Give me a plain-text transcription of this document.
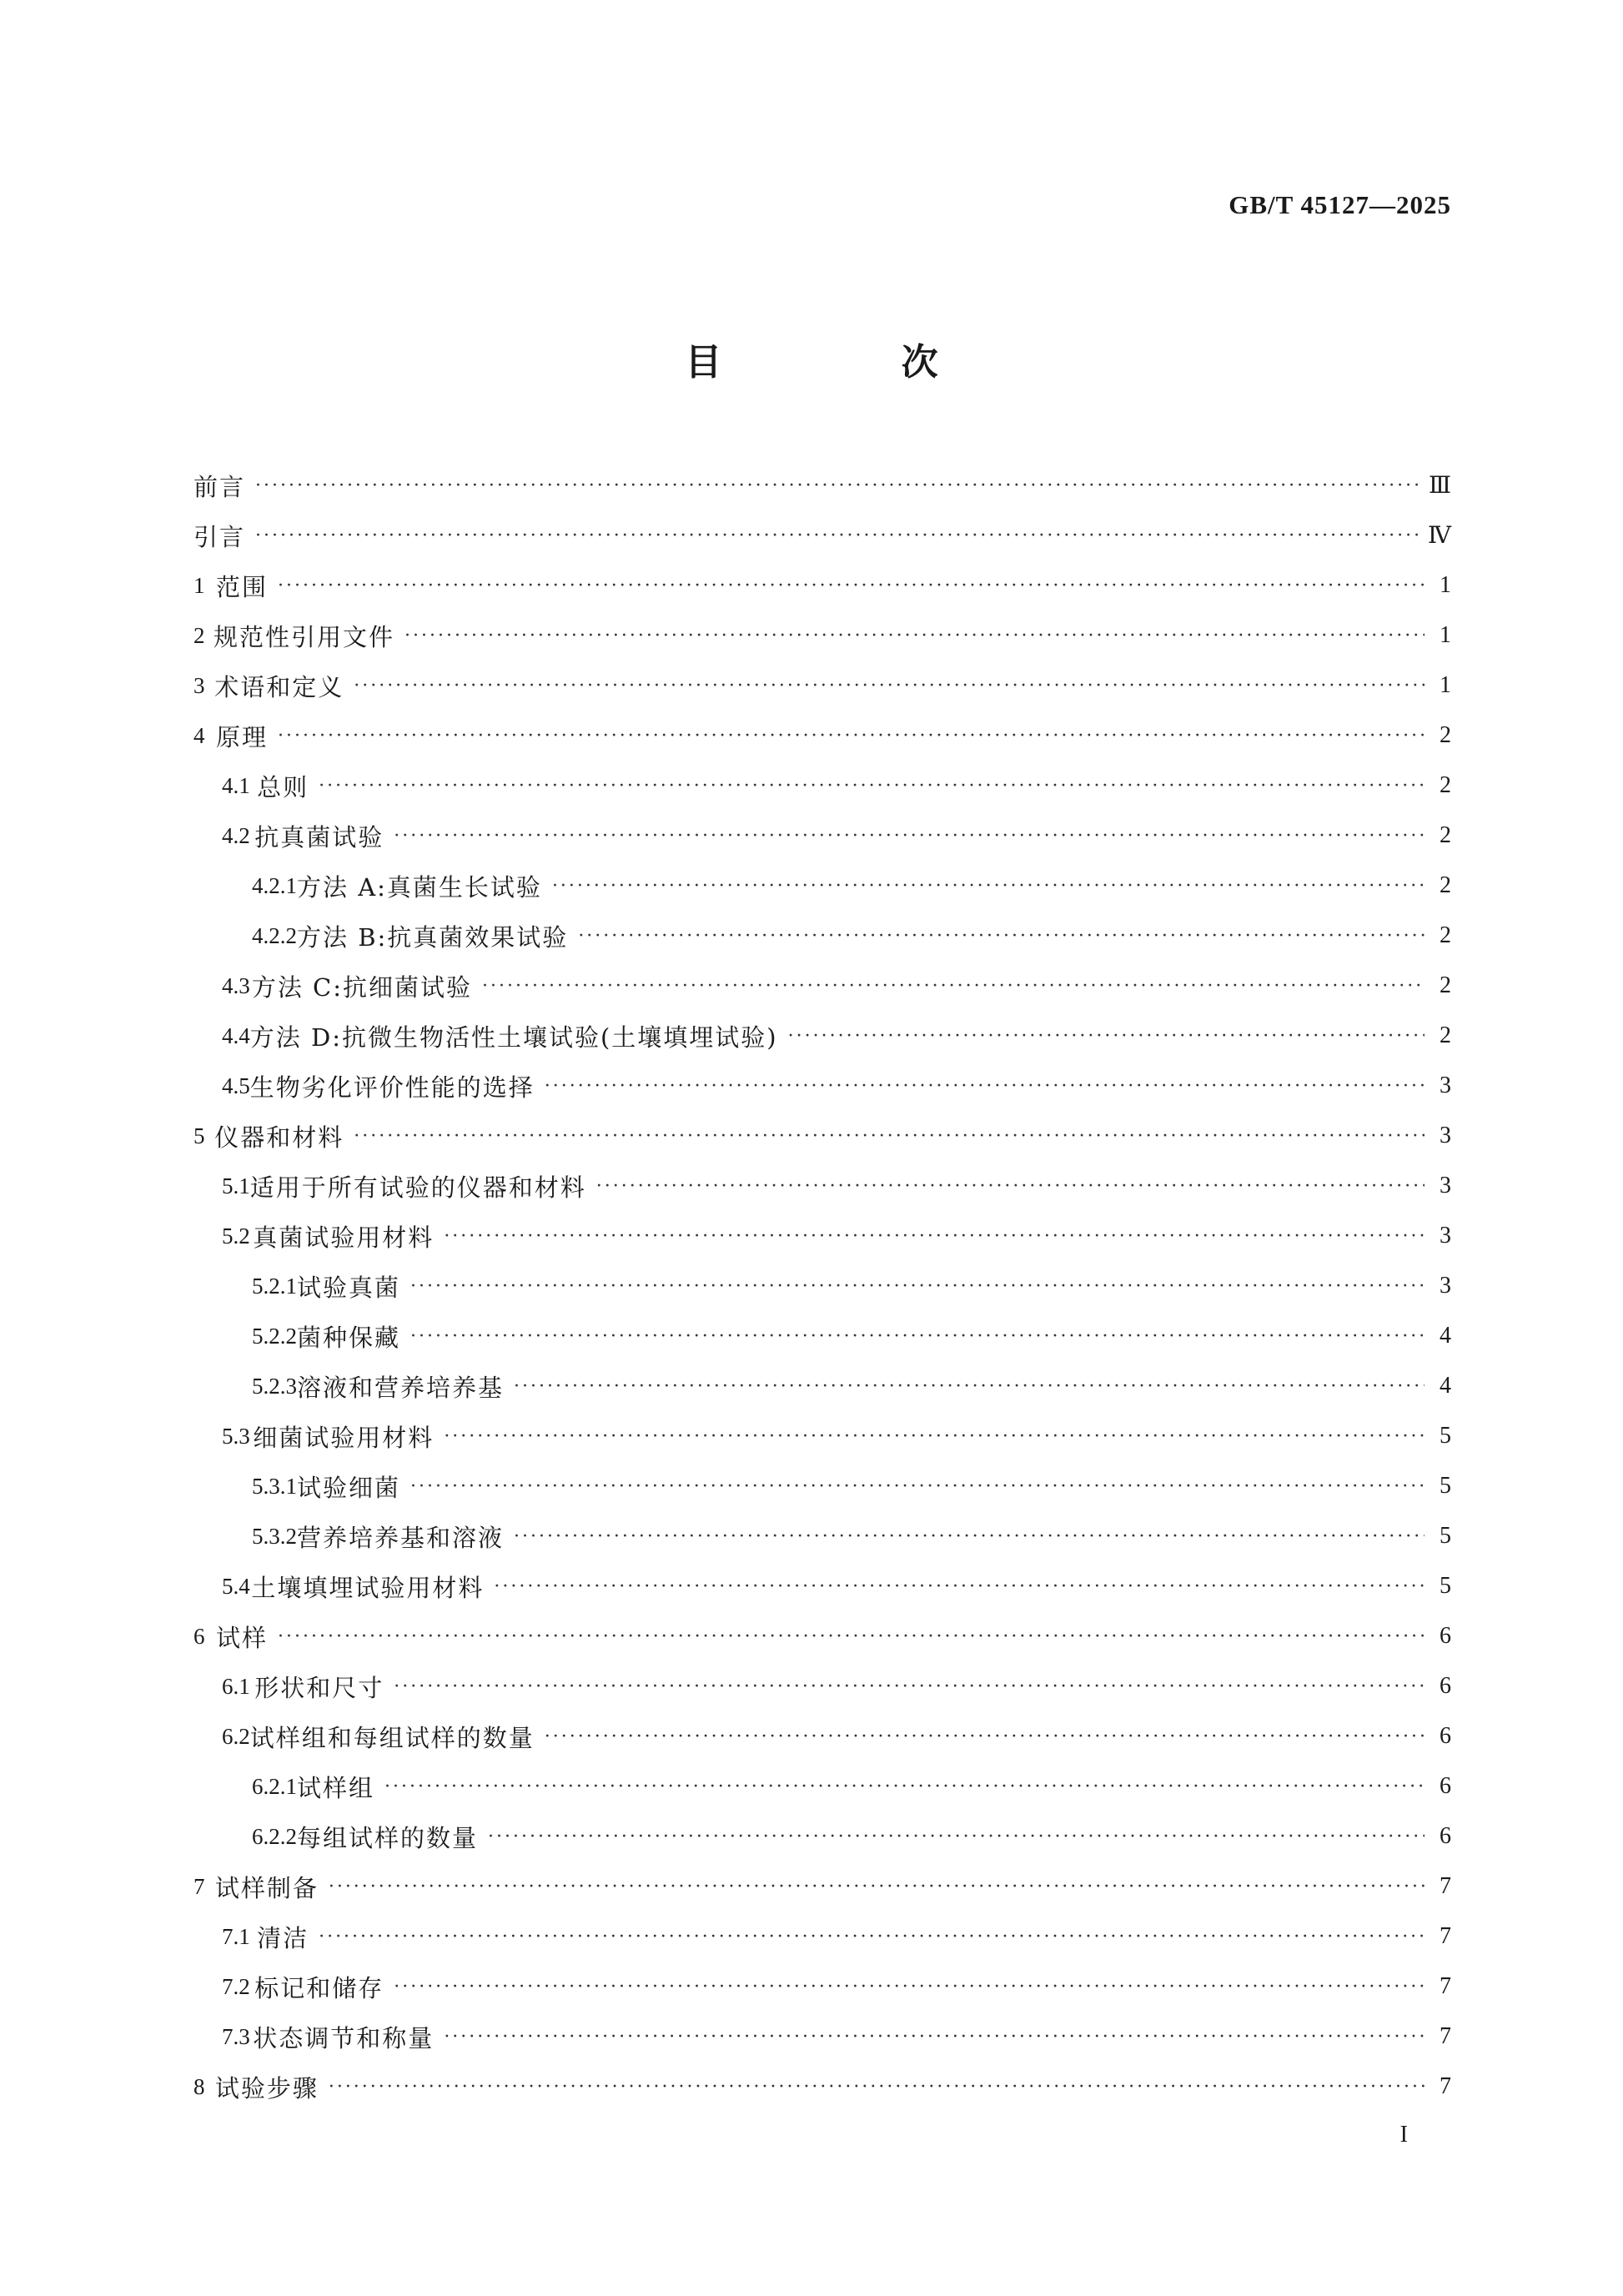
GB/T 45127—2025
目 次
前言 ·····	Ⅲ
引言 ·····	Ⅳ
1 范围 ·····	1
2 规范性引用文件 ·····	1
3 术语和定义 ·····	1
4 原理 ·····	2
4.1 总则 ·····	2
4.2 抗真菌试验 ·····	2
4.2.1 方法 A:真菌生长试验 ·····	2
4.2.2 方法 B:抗真菌效果试验 ·····	2
4.3 方法 C:抗细菌试验 ·····	2
4.4 方法 D:抗微生物活性土壤试验(土壤填埋试验) ·····	2
4.5 生物劣化评价性能的选择 ·····	3
5 仪器和材料 ·····	3
5.1 适用于所有试验的仪器和材料 ·····	3
5.2 真菌试验用材料 ·····	3
5.2.1 试验真菌 ·····	3
5.2.2 菌种保藏 ·····	4
5.2.3 溶液和营养培养基 ·····	4
5.3 细菌试验用材料 ·····	5
5.3.1 试验细菌 ·····	5
5.3.2 营养培养基和溶液 ·····	5
5.4 土壤填埋试验用材料 ·····	5
6 试样 ·····	6
6.1 形状和尺寸 ·····	6
6.2 试样组和每组试样的数量 ·····	6
6.2.1 试样组 ·····	6
6.2.2 每组试样的数量 ·····	6
7 试样制备 ·····	7
7.1 清洁 ·····	7
7.2 标记和储存 ·····	7
7.3 状态调节和称量 ·····	7
8 试验步骤 ·····	7
I
